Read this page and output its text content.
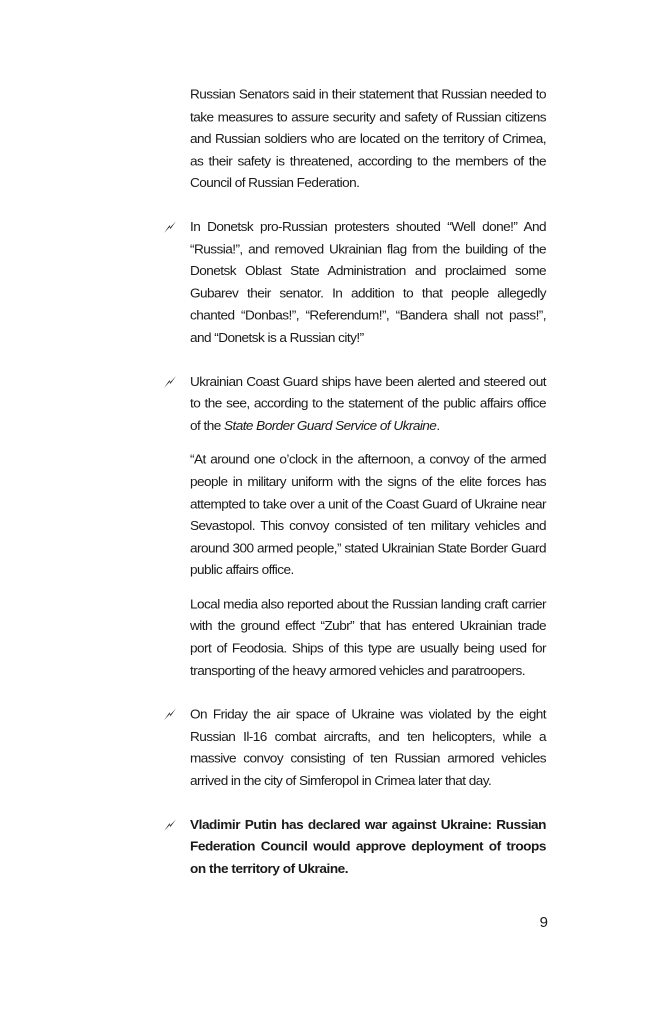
Russian Senators said in their statement that Russian needed to take measures to assure security and safety of Russian citizens and Russian soldiers who are located on the territory of Crimea, as their safety is threatened, according to the members of the Council of Russian Federation.

In Donetsk pro-Russian protesters shouted “Well done!” And “Russia!”, and removed Ukrainian flag from the building of the Donetsk Oblast State Administration and proclaimed some Gubarev their senator. In addition to that people allegedly chanted “Donbas!”, “Referendum!”, “Bandera shall not pass!”, and “Donetsk is a Russian city!”

Ukrainian Coast Guard ships have been alerted and steered out to the see, according to the statement of the public affairs office of the State Border Guard Service of Ukraine.

“At around one o’clock in the afternoon, a convoy of the armed people in military uniform with the signs of the elite forces has attempted to take over a unit of the Coast Guard of Ukraine near Sevastopol. This convoy consisted of ten military vehicles and around 300 armed people,” stated Ukrainian State Border Guard public affairs office.

Local media also reported about the Russian landing craft carrier with the ground effect “Zubr” that has entered Ukrainian trade port of Feodosia. Ships of this type are usually being used for transporting of the heavy armored vehicles and paratroopers.

On Friday the air space of Ukraine was violated by the eight Russian Il-16 combat aircrafts, and ten helicopters, while a massive convoy consisting of ten Russian armored vehicles arrived in the city of Simferopol in Crimea later that day.

Vladimir Putin has declared war against Ukraine: Russian Federation Council would approve deployment of troops on the territory of Ukraine.

9
